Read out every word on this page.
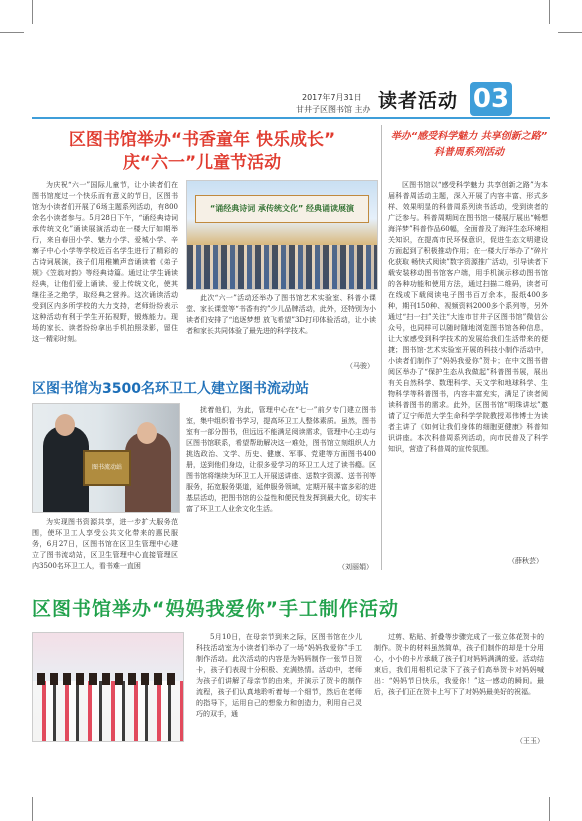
2017年7月31日
甘井子区图书馆 主办 读者活动 03
区图书馆举办“书香童年 快乐成长”
庆“六一”儿童节活动
为庆祝“六一”国际儿童节，让小读者们在图书馆度过一个快乐而有意义的节日，区图书馆为小读者们开展了6场主题系列活动，有800余名小读者参与。5月28日下午，“诵经典诗词 承传统文化”诵读展演活动在一楼大厅如期举行，来自春田小学、魅力小学、爱城小学、辛寨子中心小学等学校近百名学生进行了精彩的古诗词展演，孩子们用稚嫩声音诵读着《弟子规》《笠翁对韵》等经典诗篇。通过让学生诵读经典，让他们爱上诵读、爱上传统文化，使其继往圣之绝学，取经典之营养。这次诵读活动受到区内多所学校的大力支持，老师纷纷表示这种活动有利于学生开拓视野，锻炼能力。现场的家长、读者纷纷拿出手机拍照录影，留住这一精彩时刻。
“诵经典诗词 承传统文化” 经典诵读展演
此次“六一”活动还举办了图书馆艺术实验室、科普小课堂、家长课堂等“书香有约”少儿品牌活动，此外，还特别为小读者们安排了“追逐梦想 放飞希望”3D打印体验活动，让小读者和家长共同体验了最先进的科学技术。
（马骏）
举办“感受科学魅力 共享创新之路”
科普周系列活动
区图书馆以“感受科学魅力 共享创新之路”为本届科普周活动主题，深入开展了内容丰富、形式多样、效果明显的科普周系列读书活动，受到读者的广泛参与。科普周期间在图书馆一楼展厅展出“畅想海洋梦”科普作品60幅，全面普及了海洋生态环境相关知识，在提高市民环保意识，促进生态文明建设方面起到了积极推动作用；在一楼大厅举办了“碎片化获取 畅快式阅读”数字资源推广活动，引导读者下载安装移动图书馆客户端，用手机演示移动图书馆的各种功能和使用方法，通过扫描二维码，读者可在线或下载阅读电子图书百万余本，报纸400多种，期刊150种、视频资料2000多个系列等，另外通过“扫一扫”关注“大连市甘井子区图书馆”微信公众号，也同样可以随时随地浏览图书馆各种信息，让大家感受到科学技术的发展给我们生活带来的便捷；图书馆·艺术实验室开展的科技小制作活动中，小读者们制作了“妈妈我爱你”贺卡；在中文图书借阅区举办了“保护生态从我做起”科普图书展，展出有关自然科学、数理科学、天文学和地球科学、生物科学等科普图书，内容丰富充实，满足了读者阅读科普图书的需求。此外，区图书馆“明珠讲坛”邀请了辽宁师范大学生命科学学院教授邓伟博士为读者主讲了《如何让我们身体的细胞更健康》科普知识讲座。本次科普周系列活动，向市民普及了科学知识，营造了科普周的宣传氛围。
（薛秋芸）
区图书馆为3500名环卫工人建立图书流动站
图书流动站
为实现图书资源共享，进一步扩大服务范围，使环卫工人享受公共文化带来的惠民服务，6月27日，区图书馆在区卫生管理中心建立了图书流动站，区卫生管理中心直接管理区内3500名环卫工人，看书难一直困
扰着他们，为此，管理中心在“七一”前夕专门建立图书室，集中组织看书学习，提高环卫工人整体素质。虽然，图书室有一部分图书，但远远不能满足阅读需求，管理中心主动与区图书馆联系，希望帮助解决这一难处，图书馆立刻组织人力挑选政治、文学、历史、健康、军事、党建等方面图书400册，送到他们身边，让很多爱学习的环卫工人过了读书瘾。区图书馆将继续为环卫工人开展送讲座、送数字资源、送书刊等服务，拓宽服务渠道，延伸服务领域，定期开展丰富多彩的进基层活动，把图书馆的公益性和便民性发挥到最大化，切实丰富了环卫工人业余文化生活。
（刘丽娟）
区图书馆举办“妈妈我爱你”手工制作活动
5月10日，在母亲节到来之际，区图书馆在少儿科技活动室为小读者们举办了一场“妈妈我爱你”手工制作活动。此次活动的内容是为妈妈制作一张节日贺卡，孩子们表现十分积极、充满热情。活动中，老师为孩子们讲解了母亲节的由来，并演示了贺卡的制作流程，孩子们认真地聆听着每一个细节，然后在老师的指导下，运用自己的想象力和创造力，利用自己灵巧的双手，通
过剪、粘贴、折叠等步骤完成了一张立体花贺卡的制作。贺卡的材料虽然简单，孩子们制作的却是十分用心，小小的卡片承载了孩子们对妈妈满满的爱。活动结束后，我们用相机记录下了孩子们高举贺卡对妈妈喊出：“妈妈节日快乐，我爱你！”这一感动的瞬间。最后，孩子们正在贺卡上写下了对妈妈最美好的祝福。
（王玉）
